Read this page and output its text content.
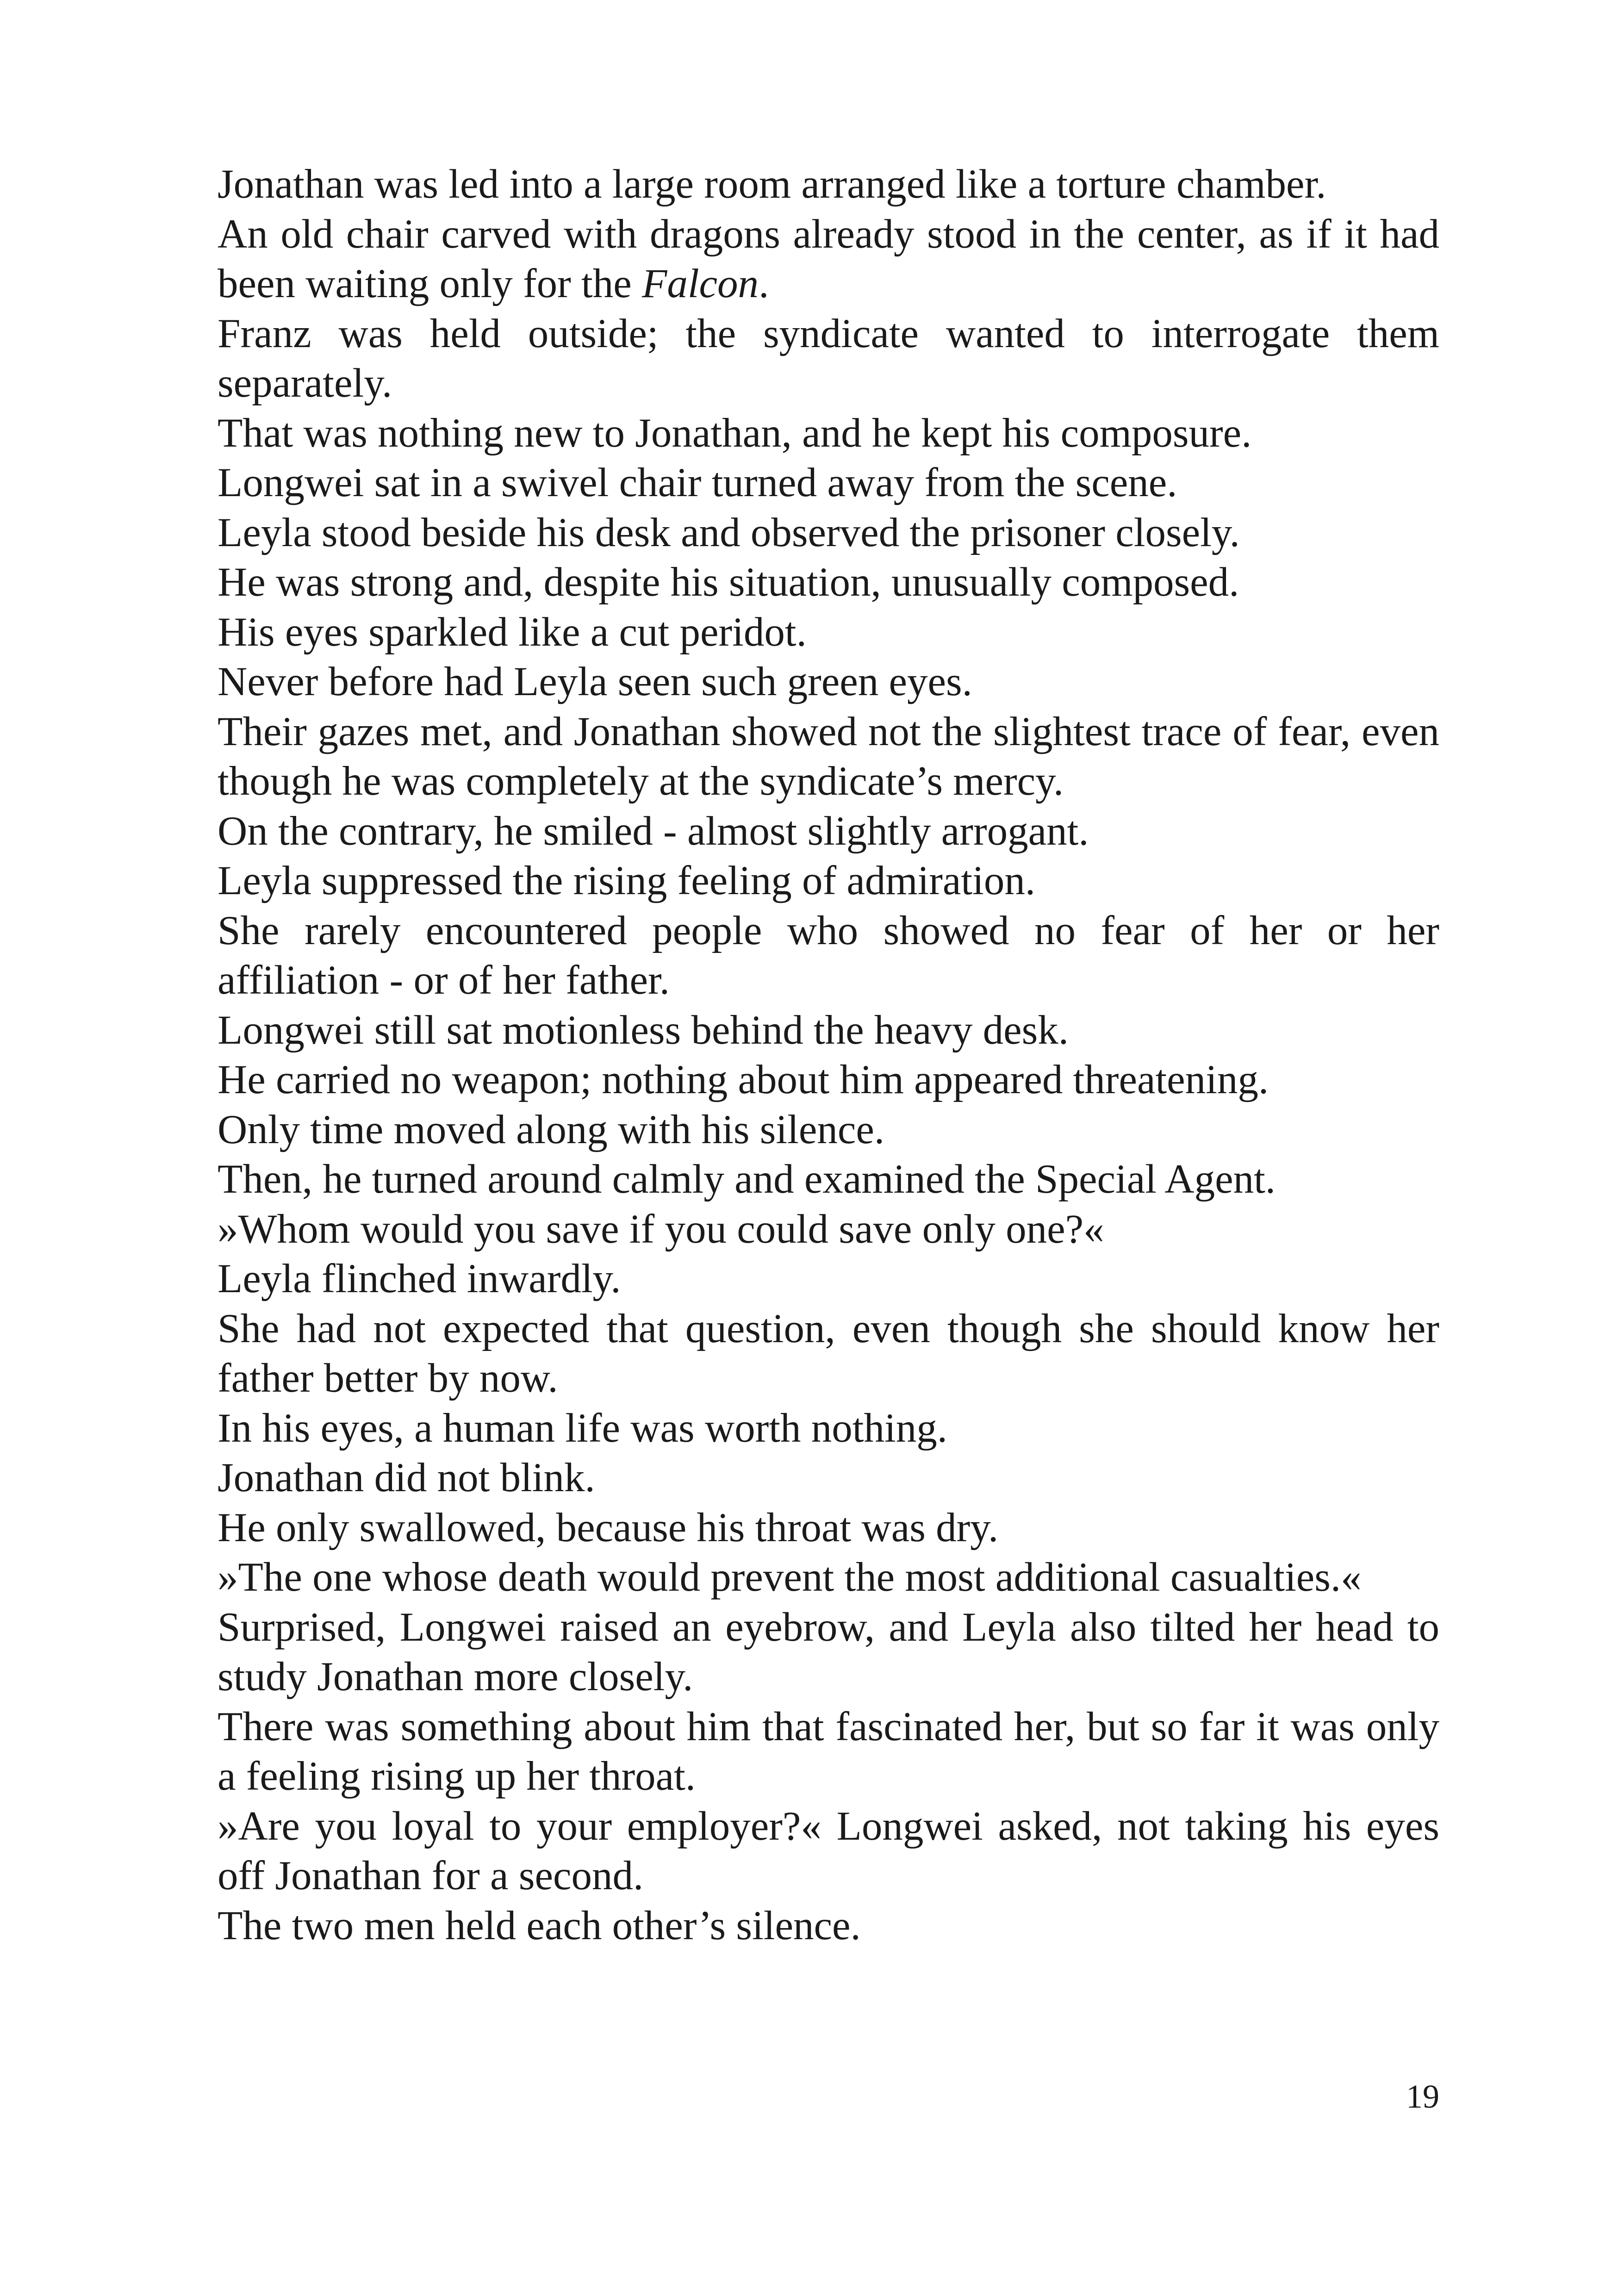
Jonathan was led into a large room arranged like a torture chamber.

An old chair carved with dragons already stood in the center, as if it had been waiting only for the Falcon.

Franz was held outside; the syndicate wanted to interrogate them separately.

That was nothing new to Jonathan, and he kept his composure.

Longwei sat in a swivel chair turned away from the scene.

Leyla stood beside his desk and observed the prisoner closely.

He was strong and, despite his situation, unusually composed.

His eyes sparkled like a cut peridot.

Never before had Leyla seen such green eyes.

Their gazes met, and Jonathan showed not the slightest trace of fear, even though he was completely at the syndicate’s mercy.

On the contrary, he smiled - almost slightly arrogant.

Leyla suppressed the rising feeling of admiration.

She rarely encountered people who showed no fear of her or her affiliation - or of her father.

Longwei still sat motionless behind the heavy desk.

He carried no weapon; nothing about him appeared threatening.

Only time moved along with his silence.

Then, he turned around calmly and examined the Special Agent.

»Whom would you save if you could save only one?«

Leyla flinched inwardly.

She had not expected that question, even though she should know her father better by now.

In his eyes, a human life was worth nothing.

Jonathan did not blink.

He only swallowed, because his throat was dry.

»The one whose death would prevent the most additional casualties.«

Surprised, Longwei raised an eyebrow, and Leyla also tilted her head to study Jonathan more closely.

There was something about him that fascinated her, but so far it was only a feeling rising up her throat.

»Are you loyal to your employer?« Longwei asked, not taking his eyes off Jonathan for a second.

The two men held each other’s silence.

19
